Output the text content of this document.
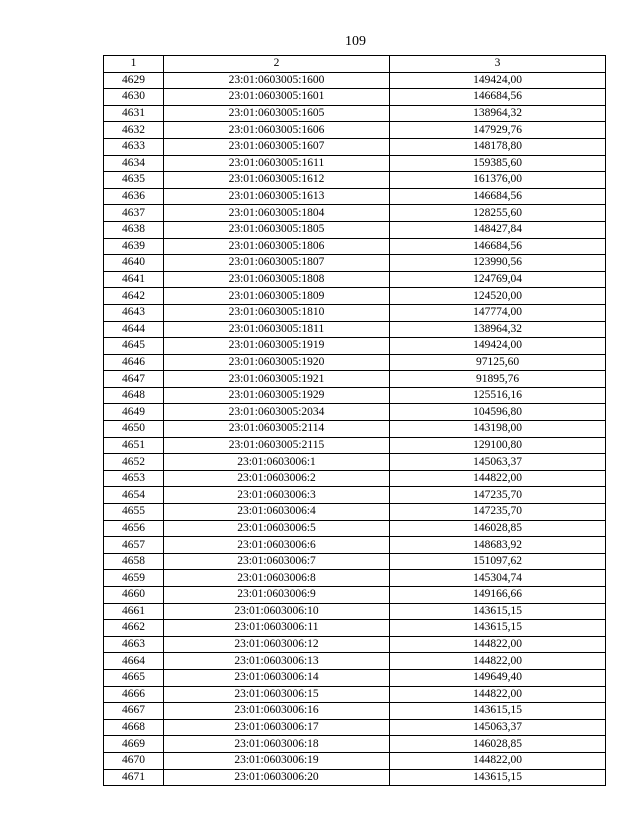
109
1	2	3
4629	23:01:0603005:1600	149424,00
4630	23:01:0603005:1601	146684,56
4631	23:01:0603005:1605	138964,32
4632	23:01:0603005:1606	147929,76
4633	23:01:0603005:1607	148178,80
4634	23:01:0603005:1611	159385,60
4635	23:01:0603005:1612	161376,00
4636	23:01:0603005:1613	146684,56
4637	23:01:0603005:1804	128255,60
4638	23:01:0603005:1805	148427,84
4639	23:01:0603005:1806	146684,56
4640	23:01:0603005:1807	123990,56
4641	23:01:0603005:1808	124769,04
4642	23:01:0603005:1809	124520,00
4643	23:01:0603005:1810	147774,00
4644	23:01:0603005:1811	138964,32
4645	23:01:0603005:1919	149424,00
4646	23:01:0603005:1920	97125,60
4647	23:01:0603005:1921	91895,76
4648	23:01:0603005:1929	125516,16
4649	23:01:0603005:2034	104596,80
4650	23:01:0603005:2114	143198,00
4651	23:01:0603005:2115	129100,80
4652	23:01:0603006:1	145063,37
4653	23:01:0603006:2	144822,00
4654	23:01:0603006:3	147235,70
4655	23:01:0603006:4	147235,70
4656	23:01:0603006:5	146028,85
4657	23:01:0603006:6	148683,92
4658	23:01:0603006:7	151097,62
4659	23:01:0603006:8	145304,74
4660	23:01:0603006:9	149166,66
4661	23:01:0603006:10	143615,15
4662	23:01:0603006:11	143615,15
4663	23:01:0603006:12	144822,00
4664	23:01:0603006:13	144822,00
4665	23:01:0603006:14	149649,40
4666	23:01:0603006:15	144822,00
4667	23:01:0603006:16	143615,15
4668	23:01:0603006:17	145063,37
4669	23:01:0603006:18	146028,85
4670	23:01:0603006:19	144822,00
4671	23:01:0603006:20	143615,15
